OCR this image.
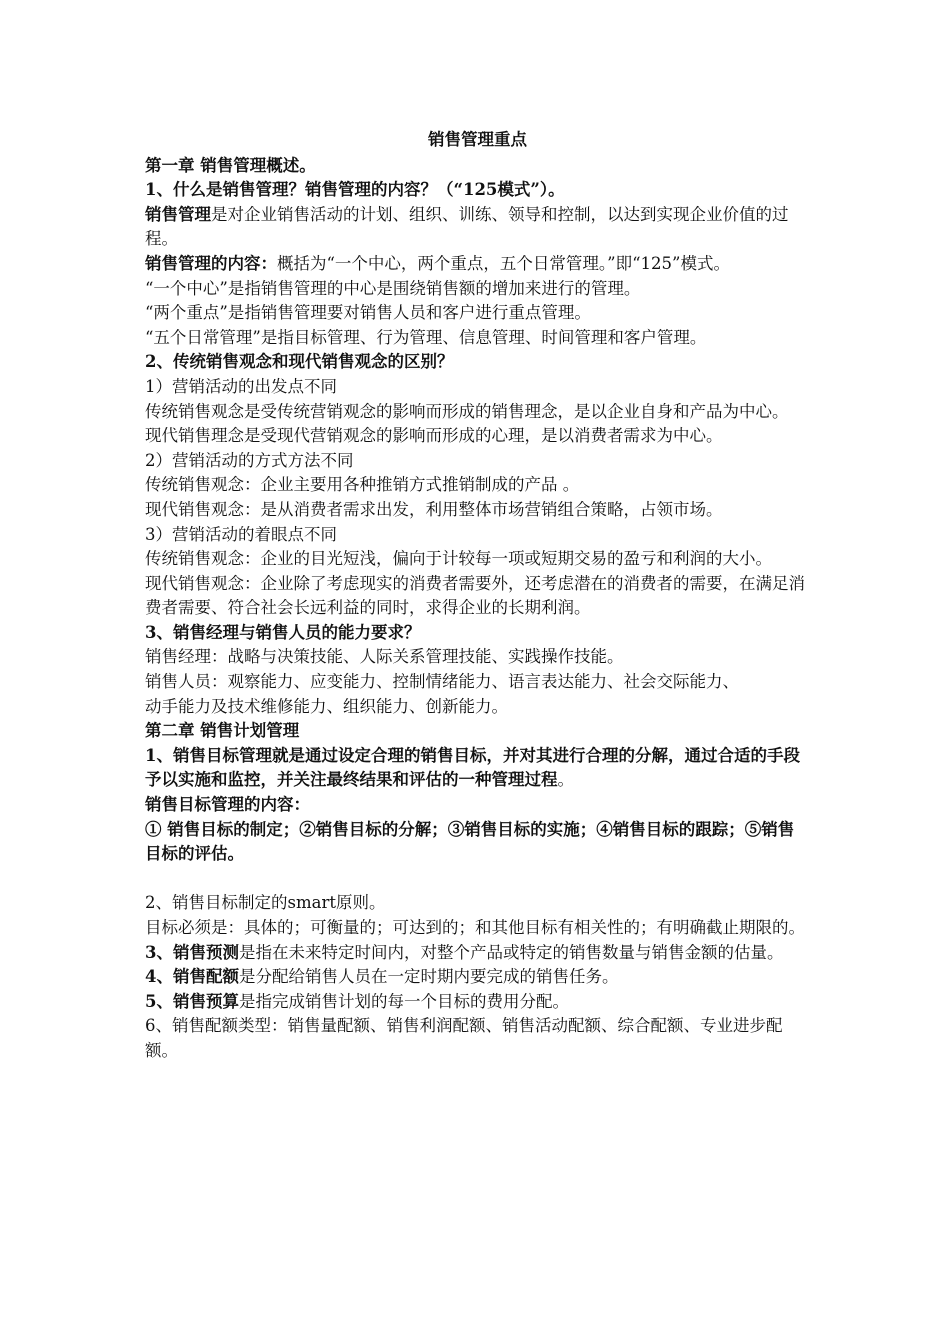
销售管理重点

第一章 销售管理概述。

1、什么是销售管理？销售管理的内容？（“125模式”）。

销售管理是对企业销售活动的计划、组织、训练、领导和控制，以达到实现企业价值的过程。

销售管理的内容：概括为“一个中心，两个重点，五个日常管理。”即“125”模式。

“一个中心”是指销售管理的中心是围绕销售额的增加来进行的管理。

“两个重点”是指销售管理要对销售人员和客户进行重点管理。

“五个日常管理”是指目标管理、行为管理、信息管理、时间管理和客户管理。

2、传统销售观念和现代销售观念的区别？

1）营销活动的出发点不同

传统销售观念是受传统营销观念的影响而形成的销售理念，是以企业自身和产品为中心。

现代销售理念是受现代营销观念的影响而形成的心理，是以消费者需求为中心。

2）营销活动的方式方法不同

传统销售观念：企业主要用各种推销方式推销制成的产品 。

现代销售观念：是从消费者需求出发，利用整体市场营销组合策略，占领市场。

3）营销活动的着眼点不同

传统销售观念：企业的目光短浅，偏向于计较每一项或短期交易的盈亏和利润的大小。

现代销售观念：企业除了考虑现实的消费者需要外，还考虑潜在的消费者的需要，在满足消费者需要、符合社会长远利益的同时，求得企业的长期利润。

3、销售经理与销售人员的能力要求？

销售经理：战略与决策技能、人际关系管理技能、实践操作技能。

销售人员：观察能力、应变能力、控制情绪能力、语言表达能力、社会交际能力、

动手能力及技术维修能力、组织能力、创新能力。

第二章 销售计划管理

1、销售目标管理就是通过设定合理的销售目标，并对其进行合理的分解，通过合适的手段予以实施和监控，并关注最终结果和评估的一种管理过程。

销售目标管理的内容：

① 销售目标的制定；②销售目标的分解；③销售目标的实施；④销售目标的跟踪；⑤销售目标的评估。

2、销售目标制定的smart原则。

目标必须是：具体的；可衡量的；可达到的；和其他目标有相关性的；有明确截止期限的。

3、销售预测是指在未来特定时间内，对整个产品或特定的销售数量与销售金额的估量。

4、销售配额是分配给销售人员在一定时期内要完成的销售任务。

5、销售预算是指完成销售计划的每一个目标的费用分配。

6、销售配额类型：销售量配额、销售利润配额、销售活动配额、综合配额、专业进步配额。
